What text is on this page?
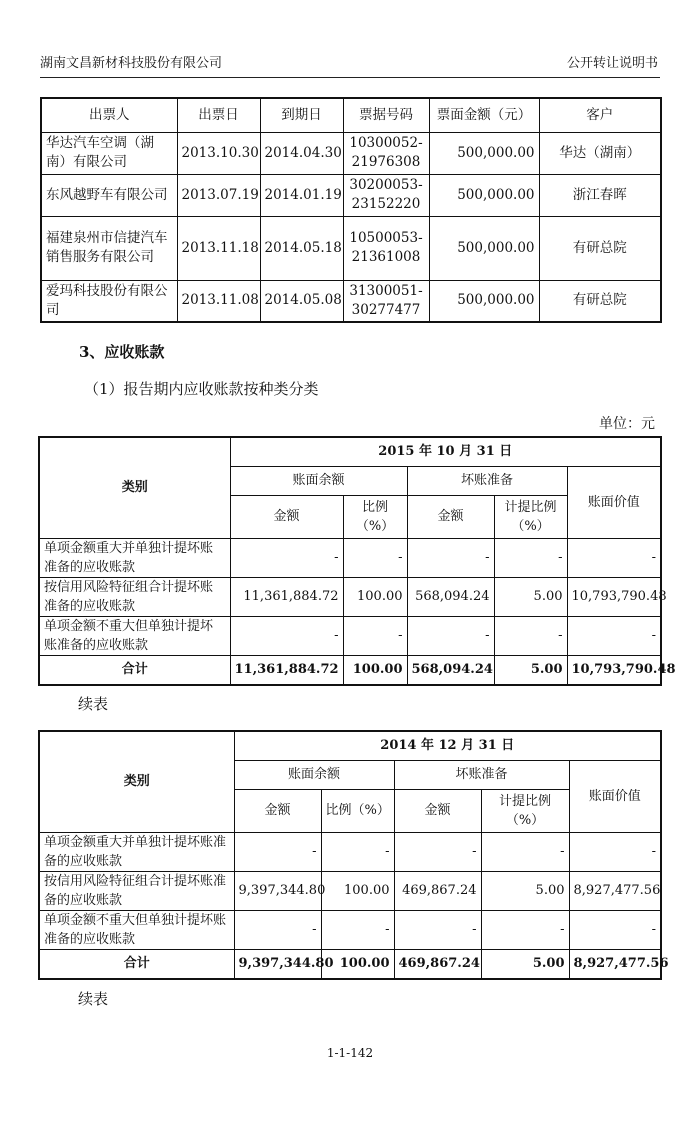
湖南文昌新材科技股份有限公司	公开转让说明书
出票人	出票日	到期日	票据号码	票面金额（元）	客户
华达汽车空调（湖南）有限公司	2013.10.30	2014.04.30	10300052-21976308	500,000.00	华达（湖南）
东风越野车有限公司	2013.07.19	2014.01.19	30200053-23152220	500,000.00	浙江春晖
福建泉州市信捷汽车销售服务有限公司	2013.11.18	2014.05.18	10500053-21361008	500,000.00	有研总院
爱玛科技股份有限公司	2013.11.08	2014.05.08	31300051-30277477	500,000.00	有研总院
3、应收账款
（1）报告期内应收账款按种类分类
单位：元
类别	2015 年 10 月 31 日				
	账面余额		坏账准备		账面价值
	金额	比例（%）	金额	计提比例（%）	
单项金额重大并单独计提坏账准备的应收账款	-	-	-	-	-
按信用风险特征组合计提坏账准备的应收账款	11,361,884.72	100.00	568,094.24	5.00	10,793,790.48
单项金额不重大但单独计提坏账准备的应收账款	-	-	-	-	-
合计	11,361,884.72	100.00	568,094.24	5.00	10,793,790.48
续表
类别	2014 年 12 月 31 日				
	账面余额		坏账准备		账面价值
	金额	比例（%）	金额	计提比例（%）	
单项金额重大并单独计提坏账准备的应收账款	-	-	-	-	-
按信用风险特征组合计提坏账准备的应收账款	9,397,344.80	100.00	469,867.24	5.00	8,927,477.56
单项金额不重大但单独计提坏账准备的应收账款	-	-	-	-	-
合计	9,397,344.80	100.00	469,867.24	5.00	8,927,477.56
续表
1-1-142
